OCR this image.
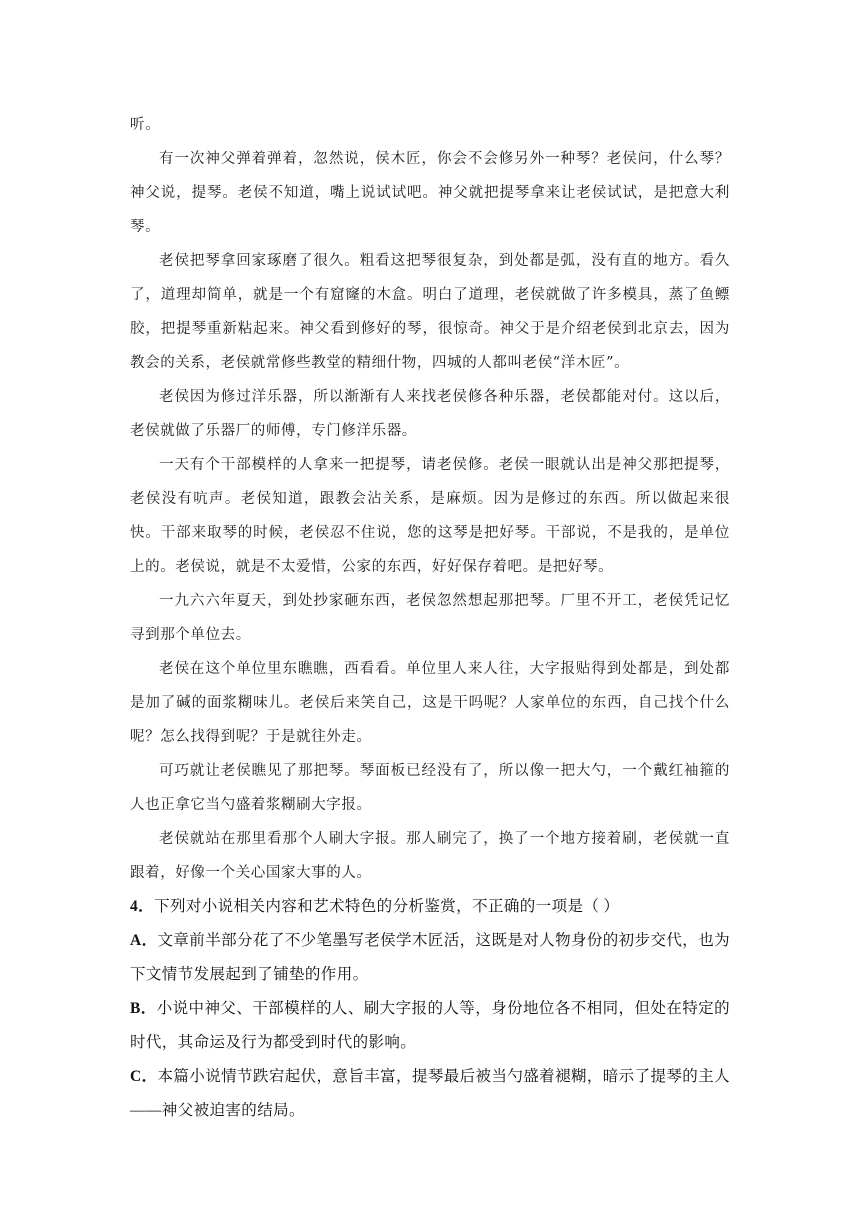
听。

有一次神父弹着弹着，忽然说，侯木匠，你会不会修另外一种琴？老侯问，什么琴？神父说，提琴。老侯不知道，嘴上说试试吧。神父就把提琴拿来让老侯试试，是把意大利琴。

老侯把琴拿回家琢磨了很久。粗看这把琴很复杂，到处都是弧，没有直的地方。看久了，道理却简单，就是一个有窟窿的木盒。明白了道理，老侯就做了许多模具，蒸了鱼鳔胶，把提琴重新粘起来。神父看到修好的琴，很惊奇。神父于是介绍老侯到北京去，因为教会的关系，老侯就常修些教堂的精细什物，四城的人都叫老侯“洋木匠”。

老侯因为修过洋乐器，所以渐渐有人来找老侯修各种乐器，老侯都能对付。这以后，老侯就做了乐器厂的师傅，专门修洋乐器。

一天有个干部模样的人拿来一把提琴，请老侯修。老侯一眼就认出是神父那把提琴，老侯没有吭声。老侯知道，跟教会沾关系，是麻烦。因为是修过的东西。所以做起来很快。干部来取琴的时候，老侯忍不住说，您的这琴是把好琴。干部说，不是我的，是单位上的。老侯说，就是不太爱惜，公家的东西，好好保存着吧。是把好琴。

一九六六年夏天，到处抄家砸东西，老侯忽然想起那把琴。厂里不开工，老侯凭记忆寻到那个单位去。

老侯在这个单位里东瞧瞧，西看看。单位里人来人往，大字报贴得到处都是，到处都是加了碱的面浆糊味儿。老侯后来笑自己，这是干吗呢？人家单位的东西，自己找个什么呢？怎么找得到呢？于是就往外走。

可巧就让老侯瞧见了那把琴。琴面板已经没有了，所以像一把大勺，一个戴红袖箍的人也正拿它当勺盛着浆糊刷大字报。

老侯就站在那里看那个人刷大字报。那人刷完了，换了一个地方接着刷，老侯就一直跟着，好像一个关心国家大事的人。

4．下列对小说相关内容和艺术特色的分析鉴赏，不正确的一项是（ ）

A．文章前半部分花了不少笔墨写老侯学木匠活，这既是对人物身份的初步交代，也为下文情节发展起到了铺垫的作用。

B．小说中神父、干部模样的人、刷大字报的人等，身份地位各不相同，但处在特定的时代，其命运及行为都受到时代的影响。

C．本篇小说情节跌宕起伏，意旨丰富，提琴最后被当勺盛着褪糊，暗示了提琴的主人——神父被迫害的结局。
